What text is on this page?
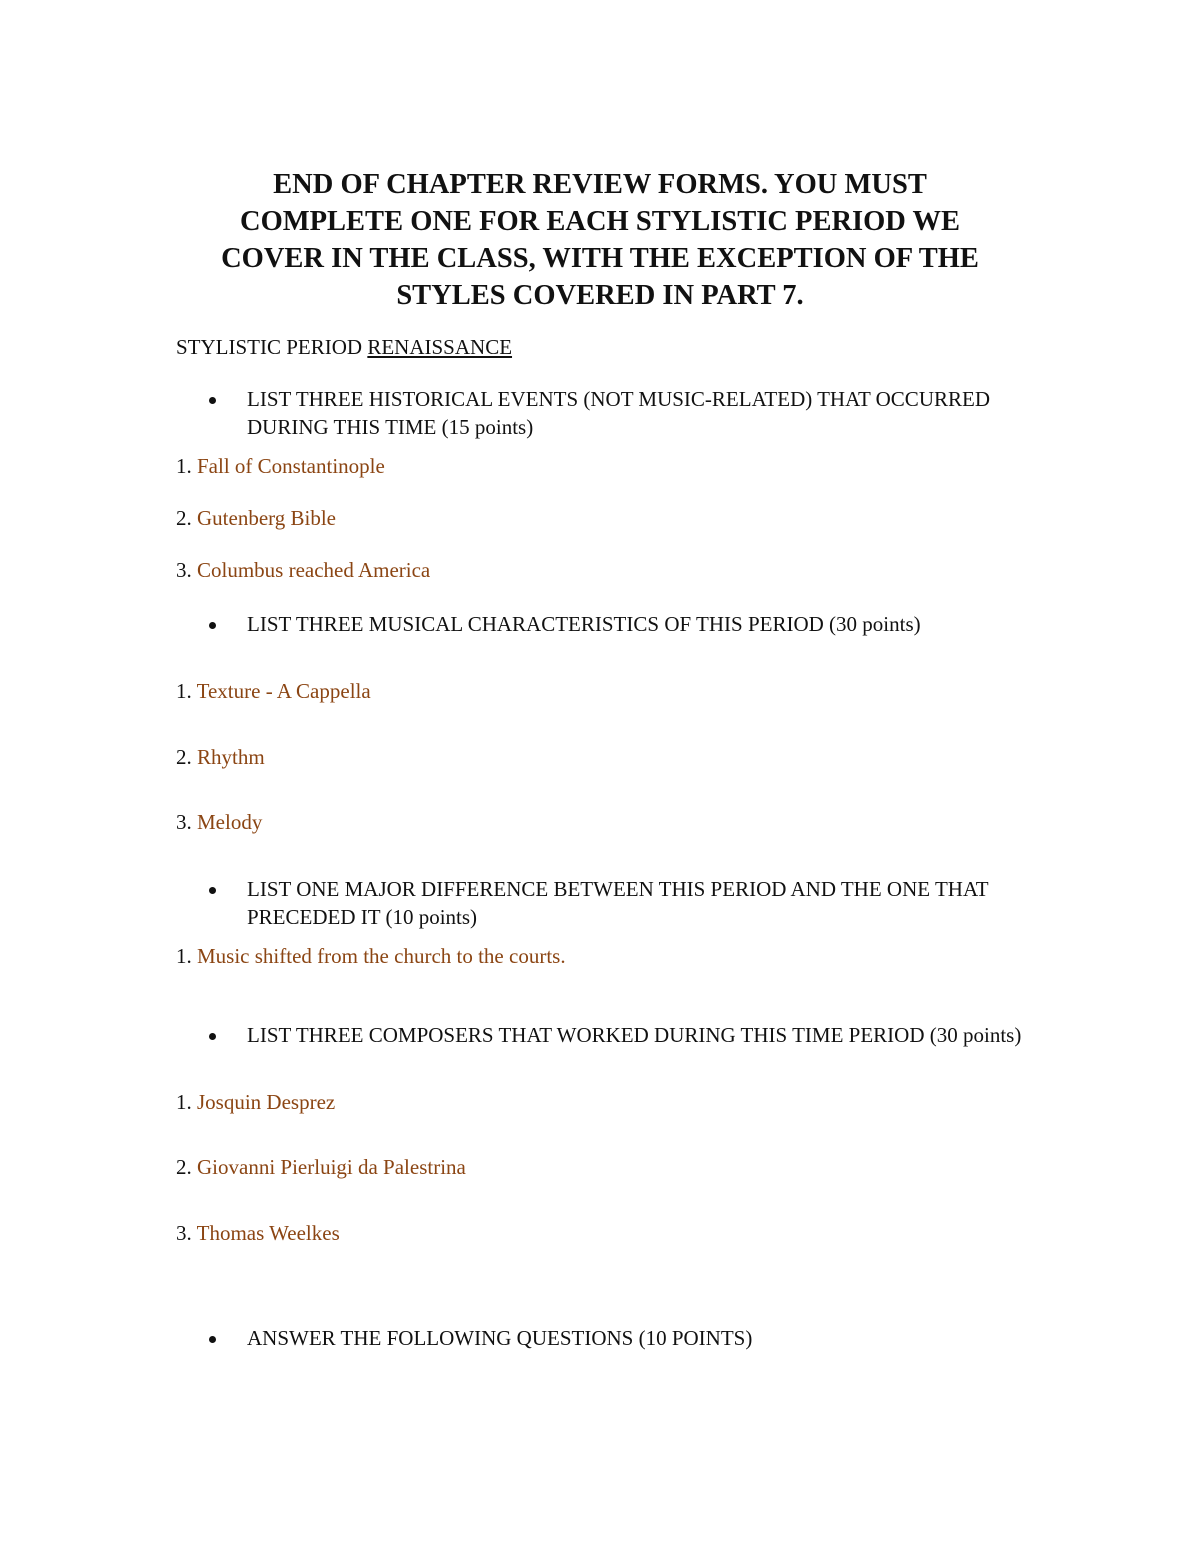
END OF CHAPTER REVIEW FORMS. YOU MUST
COMPLETE ONE FOR EACH STYLISTIC PERIOD WE
COVER IN THE CLASS, WITH THE EXCEPTION OF THE
STYLES COVERED IN PART 7.
STYLISTIC PERIOD RENAISSANCE
LIST THREE HISTORICAL EVENTS (NOT MUSIC-RELATED) THAT OCCURRED DURING THIS TIME (15 points)
1. Fall of Constantinople
2. Gutenberg Bible
3. Columbus reached America
LIST THREE MUSICAL CHARACTERISTICS OF THIS PERIOD (30 points)
1. Texture - A Cappella
2. Rhythm
3. Melody
LIST ONE MAJOR DIFFERENCE BETWEEN THIS PERIOD AND THE ONE THAT PRECEDED IT (10 points)
1. Music shifted from the church to the courts.
LIST THREE COMPOSERS THAT WORKED DURING THIS TIME PERIOD (30 points)
1. Josquin Desprez
2. Giovanni Pierluigi da Palestrina
3. Thomas Weelkes
ANSWER THE FOLLOWING QUESTIONS (10 POINTS)
